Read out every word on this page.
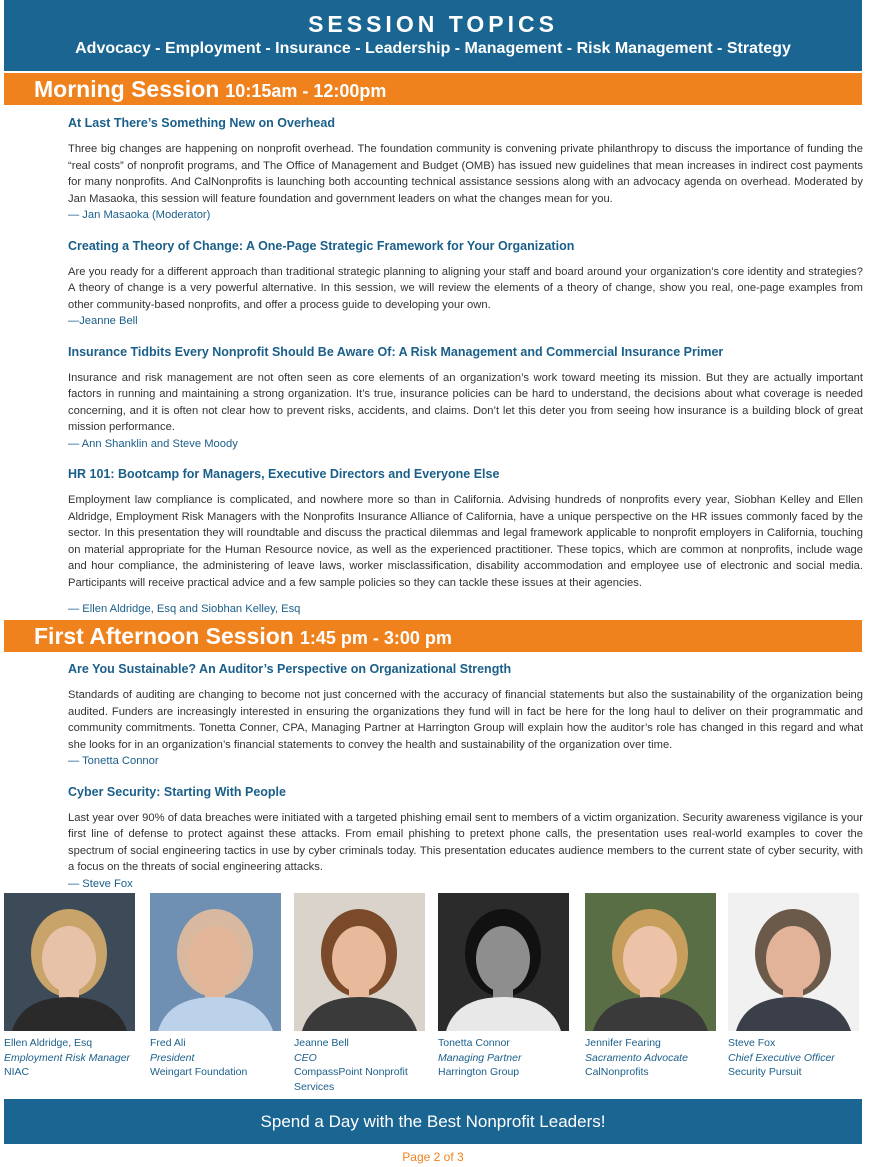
SESSION TOPICS
Advocacy - Employment - Insurance - Leadership - Management - Risk Management - Strategy
Morning Session 10:15am - 12:00pm
At Last There’s Something New on Overhead

Three big changes are happening on nonprofit overhead. The foundation community is convening private philanthropy to discuss the importance of funding the “real costs” of nonprofit programs, and The Office of Management and Budget (OMB) has issued new guidelines that mean increases in indirect cost payments for many nonprofits. And CalNonprofits is launching both accounting technical assistance sessions along with an advocacy agenda on overhead. Moderated by Jan Masaoka, this session will feature foundation and government leaders on what the changes mean for you.

— Jan Masaoka (Moderator)
Creating a Theory of Change: A One-Page Strategic Framework for Your Organization

Are you ready for a different approach than traditional strategic planning to aligning your staff and board around your organization’s core identity and strategies? A theory of change is a very powerful alternative. In this session, we will review the elements of a theory of change, show you real, one-page examples from other community-based nonprofits, and offer a process guide to developing your own.

—Jeanne Bell
Insurance Tidbits Every Nonprofit Should Be Aware Of: A Risk Management and Commercial Insurance Primer

Insurance and risk management are not often seen as core elements of an organization’s work toward meeting its mission. But they are actually important factors in running and maintaining a strong organization. It’s true, insurance policies can be hard to understand, the decisions about what coverage is needed concerning, and it is often not clear how to prevent risks, accidents, and claims. Don’t let this deter you from seeing how insurance is a building block of great mission performance.

— Ann Shanklin and Steve Moody
HR 101: Bootcamp for Managers, Executive Directors and Everyone Else

Employment law compliance is complicated, and nowhere more so than in California. Advising hundreds of nonprofits every year, Siobhan Kelley and Ellen Aldridge, Employment Risk Managers with the Nonprofits Insurance Alliance of California, have a unique perspective on the HR issues commonly faced by the sector. In this presentation they will roundtable and discuss the practical dilemmas and legal framework applicable to nonprofit employers in California, touching on material appropriate for the Human Resource novice, as well as the experienced practitioner. These topics, which are common at nonprofits, include wage and hour compliance, the administering of leave laws, worker misclassification, disability accommodation and employee use of electronic and social media. Participants will receive practical advice and a few sample policies so they can tackle these issues at their agencies.

— Ellen Aldridge, Esq and Siobhan Kelley, Esq
First Afternoon Session 1:45 pm - 3:00 pm
Are You Sustainable? An Auditor’s Perspective on Organizational Strength

Standards of auditing are changing to become not just concerned with the accuracy of financial statements but also the sustainability of the organization being audited. Funders are increasingly interested in ensuring the organizations they fund will in fact be here for the long haul to deliver on their programmatic and community commitments. Tonetta Conner, CPA, Managing Partner at Harrington Group will explain how the auditor’s role has changed in this regard and what she looks for in an organization’s financial statements to convey the health and sustainability of the organization over time.

— Tonetta Connor
Cyber Security: Starting With People

Last year over 90% of data breaches were initiated with a targeted phishing email sent to members of a victim organization. Security awareness vigilance is your first line of defense to protect against these attacks. From email phishing to pretext phone calls, the presentation uses real-world examples to cover the spectrum of social engineering tactics in use by cyber criminals today. This presentation educates audience members to the current state of cyber security, with a focus on the threats of social engineering attacks.

— Steve Fox
Ellen Aldridge, Esq
Employment Risk Manager
NIAC
Fred Ali
President
Weingart Foundation
Jeanne Bell
CEO
CompassPoint Nonprofit Services
Tonetta Connor
Managing Partner
Harrington Group
Jennifer Fearing
Sacramento Advocate
CalNonprofits
Steve Fox
Chief Executive Officer
Security Pursuit
Spend a Day with the Best Nonprofit Leaders!
Page 2 of 3
